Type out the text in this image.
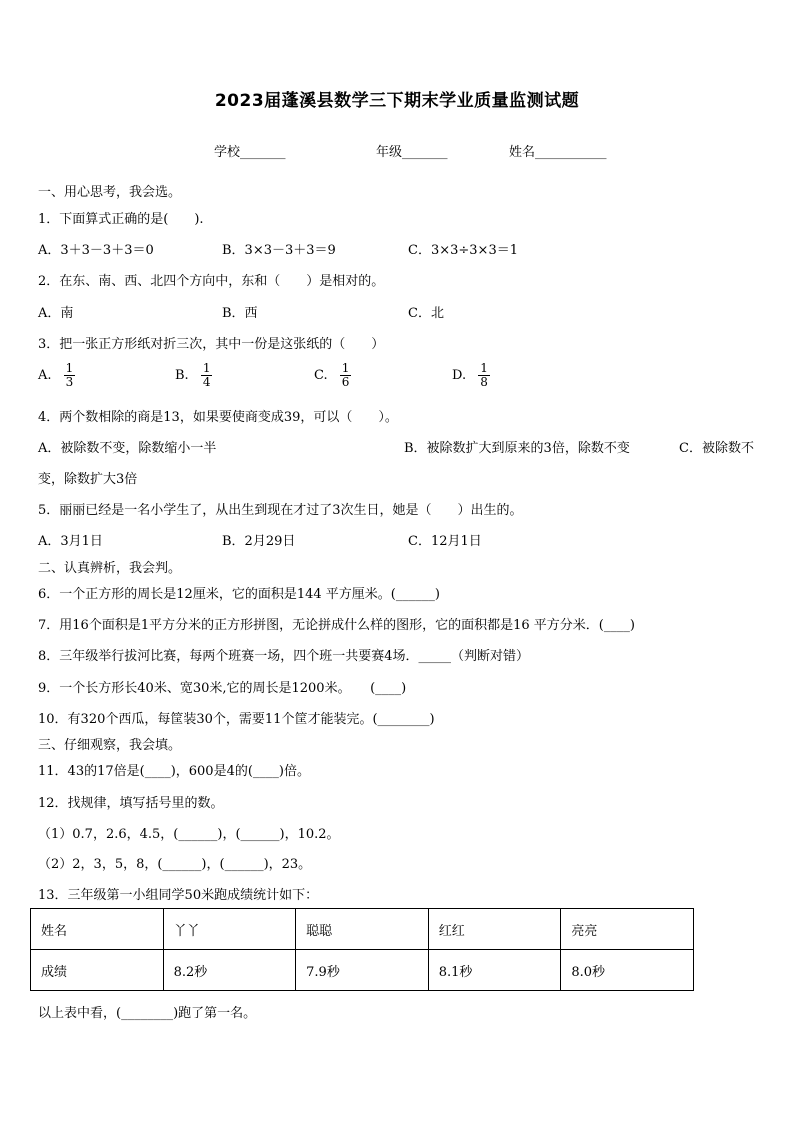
2023届蓬溪县数学三下期末学业质量监测试题
学校_______	年级_______	姓名___________
一、用心思考，我会选。
1．下面算式正确的是(　　).
A．3＋3－3＋3＝0	B．3×3－3＋3＝9	C．3×3÷3×3＝1
2．在东、南、西、北四个方向中，东和（　　）是相对的。
A．南	B．西	C．北
3．把一张正方形纸对折三次，其中一份是这张纸的（　　）
A. $\frac{1}{3}$	B. $\frac{1}{4}$	C. $\frac{1}{6}$	D. $\frac{1}{8}$
4．两个数相除的商是13，如果要使商变成39，可以（　　）。
A．被除数不变，除数缩小一半	B．被除数扩大到原来的3倍，除数不变	C．被除数不
变，除数扩大3倍
5．丽丽已经是一名小学生了，从出生到现在才过了3次生日，她是（　　）出生的。
A．3月1日	B．2月29日	C．12月1日
二、认真辨析，我会判。
6．一个正方形的周长是12厘米，它的面积是144 平方厘米。(______)
7．用16个面积是1平方分米的正方形拼图，无论拼成什么样的图形，它的面积都是16 平方分米．(____)
8．三年级举行拔河比赛，每两个班赛一场，四个班一共要赛4场．_____（判断对错）
9．一个长方形长40米、宽30米,它的周长是1200米。　　(____)
10．有320个西瓜，每筐装30个，需要11个筐才能装完。(________)
三、仔细观察，我会填。
11．43的17倍是(____)，600是4的(____)倍。
12．找规律，填写括号里的数。
（1）0.7，2.6，4.5，(______)，(______)，10.2。
（2）2，3，5，8，(______)，(______)，23。
13．三年级第一小组同学50米跑成绩统计如下：
姓名	丫丫	聪聪	红红	亮亮
成绩	8.2秒	7.9秒	8.1秒	8.0秒
以上表中看，(________)跑了第一名。
